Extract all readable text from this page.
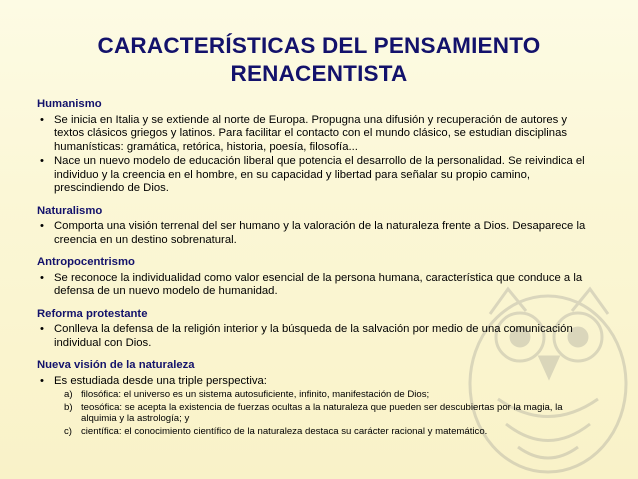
CARACTERÍSTICAS DEL PENSAMIENTO
RENACENTISTA
Humanismo
• Se inicia en Italia y se extiende al norte de Europa. Propugna una difusión y recuperación de autores y textos clásicos griegos y latinos. Para facilitar el contacto con el mundo clásico, se estudian disciplinas humanísticas: gramática, retórica, historia, poesía, filosofía...
• Nace un nuevo modelo de educación liberal que potencia el desarrollo de la personalidad. Se reivindica el individuo y la creencia en el hombre, en su capacidad y libertad para señalar su propio camino, prescindiendo de Dios.
Naturalismo
• Comporta una visión terrenal del ser humano y la valoración de la naturaleza frente a Dios. Desaparece la creencia en un destino sobrenatural.
Antropocentrismo
• Se reconoce la individualidad como valor esencial de la persona humana, característica que conduce a la defensa de un nuevo modelo de humanidad.
Reforma protestante
• Conlleva la defensa de la religión interior y la búsqueda de la salvación por medio de una comunicación individual con Dios.
Nueva visión de la naturaleza
• Es estudiada desde una triple perspectiva:
a) filosófica: el universo es un sistema autosuficiente, infinito, manifestación de Dios;
b) teosófica: se acepta la existencia de fuerzas ocultas a la naturaleza que pueden ser descubiertas por la magia, la alquimia y la astrología; y
c) científica: el conocimiento científico de la naturaleza destaca su carácter racional y matemático.
